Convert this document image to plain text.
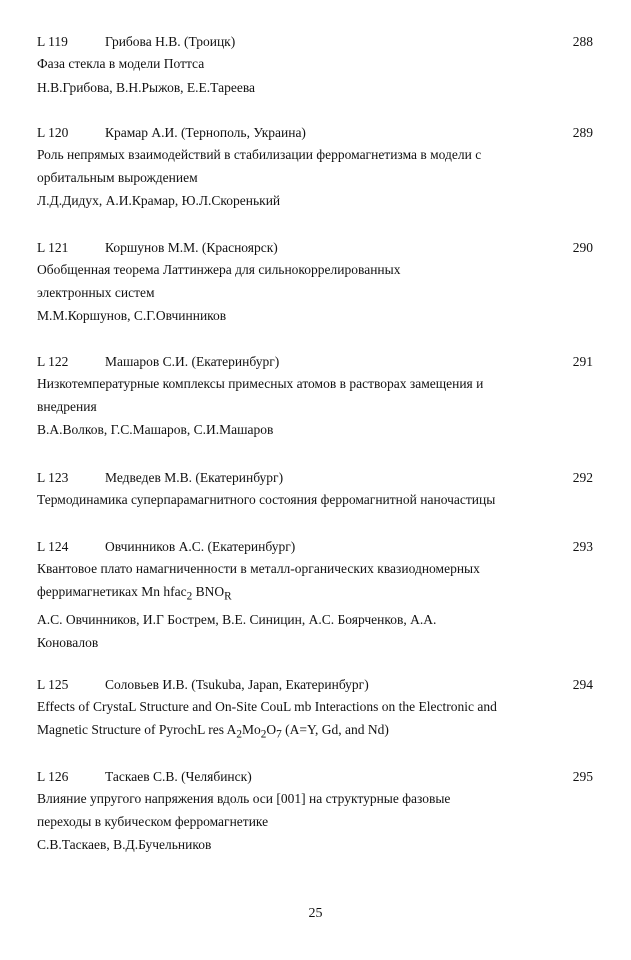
L 119	Грибова Н.В. (Троицк)	288
Фаза стекла в модели Поттса
Н.В.Грибова, В.Н.Рыжов, Е.Е.Тареева
L 120	Крамар А.И. (Тернополь, Украина)	289
Роль непрямых взаимодействий в стабилизации ферромагнетизма в модели с
орбитальным вырождением
Л.Д.Дидух, А.И.Крамар, Ю.Л.Скоренький
L 121	Коршунов М.М. (Красноярск)	290
Обобщенная теорема Латтинжера для сильнокоррелированных
электронных систем
М.М.Коршунов, С.Г.Овчинников
L 122	Машаров С.И. (Екатеринбург)	291
Низкотемпературные комплексы примесных атомов в растворах замещения и
внедрения
В.А.Волков, Г.С.Машаров, С.И.Машаров
L 123	Медведев М.В. (Екатеринбург)	292
Термодинамика суперпарамагнитного состояния ферромагнитной наночастицы
L 124	Овчинников А.С. (Екатеринбург)	293
Квантовое плато намагниченности в металл-органических квазиодномерных
ферримагнетиках Mn hfac$_2$ $BNO_R$
А.С. Овчинников, И.Г Бострем, В.Е. Синицин, А.С. Боярченков, А.А.
Коновалов
L 125	Соловьев И.В. (Tsukuba, Japan, Екатеринбург)	294
Effects of CrystaL Structure and On-Site CouL mb Interactions on the Electronic and
Magnetic Structure of PyrochL res $A_2Mo_2O_7$ (A=Y, Gd, and Nd)
L 126	Таскаев С.В. (Челябинск)	295
Влияние упругого напряжения вдоль оси [001] на структурные фазовые
переходы в кубическом ферромагнетике
С.В.Таскаев, В.Д.Бучельников
25
